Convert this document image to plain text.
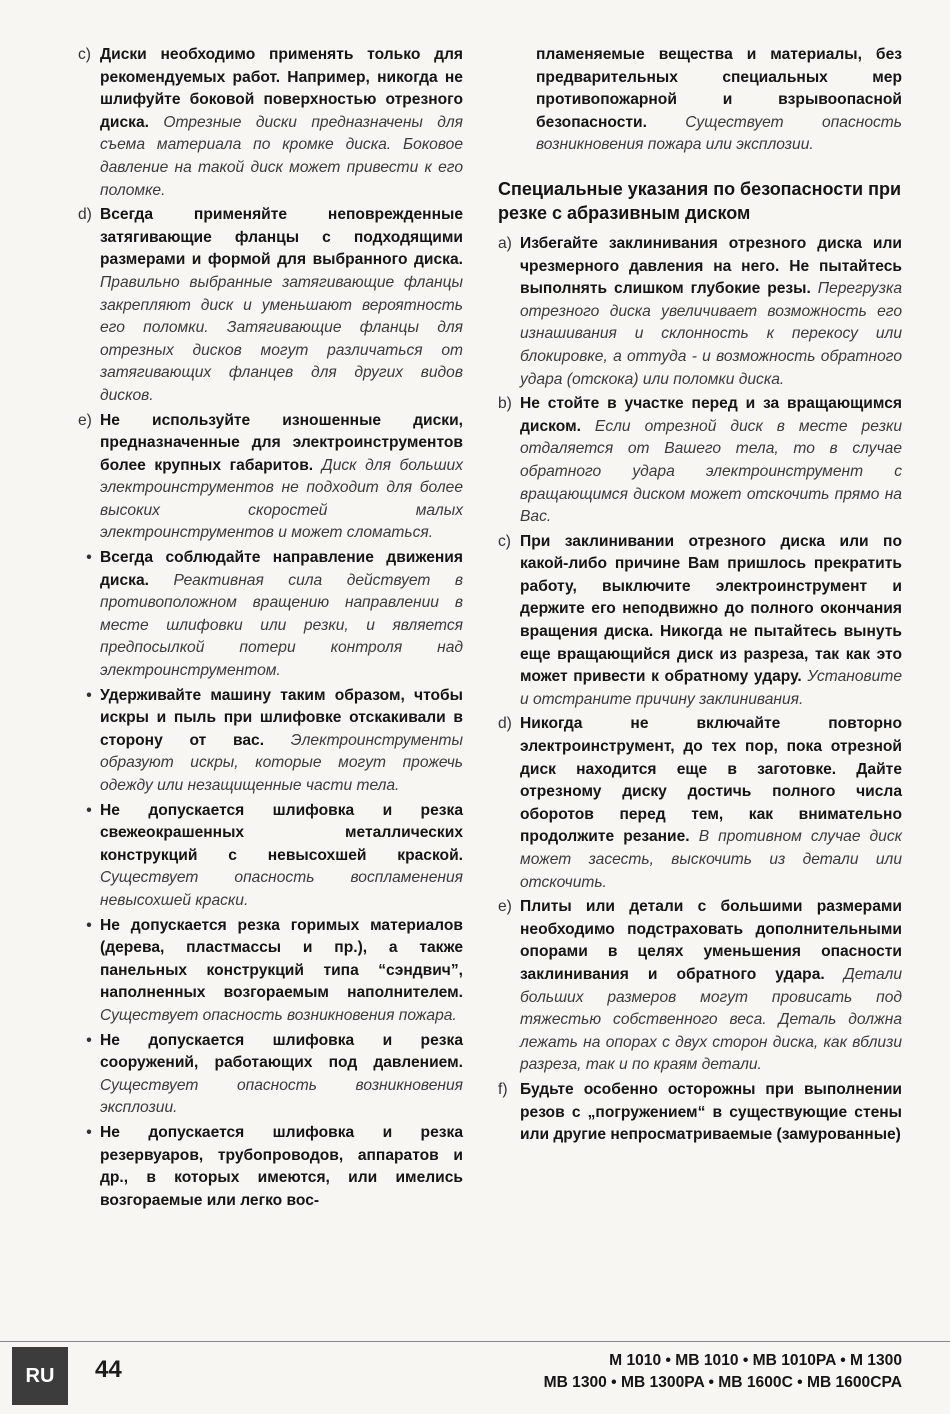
c) Диски необходимо применять только для рекомендуемых работ. Например, никогда не шлифуйте боковой поверхностью отрезного диска. Отрезные диски предназначены для съема материала по кромке диска. Боковое давление на такой диск может привести к его поломке.
d) Всегда применяйте неповрежденные затягивающие фланцы с подходящими размерами и формой для выбранного диска. Правильно выбранные затягивающие фланцы закрепляют диск и уменьшают вероятность его поломки. Затягивающие фланцы для отрезных дисков могут различаться от затягивающих фланцев для других видов дисков.
e) Не используйте изношенные диски, предназначенные для электроинструментов более крупных габаритов. Диск для больших электроинструментов не подходит для более высоких скоростей малых электроинструментов и может сломаться.
• Всегда соблюдайте направление движения диска. Реактивная сила действует в противоположном вращению направлении в месте шлифовки или резки, и является предпосылкой потери контроля над электроинструментом.
• Удерживайте машину таким образом, чтобы искры и пыль при шлифовке отскакивали в сторону от вас. Электроинструменты образуют искры, которые могут прожечь одежду или незащищенные части тела.
• Не допускается шлифовка и резка свежеокрашенных металлических конструкций с невысохшей краской. Существует опасность воспламенения невысохшей краски.
• Не допускается резка горимых материалов (дерева, пластмассы и пр.), а также панельных конструкций типа “сэндвич”, наполненных возгораемым наполнителем. Существует опасность возникновения пожара.
• Не допускается шлифовка и резка сооружений, работающих под давлением. Существует опасность возникновения эксплозии.
• Не допускается шлифовка и резка резервуаров, трубопроводов, аппаратов и др., в которых имеются, или имелись возгораемые или легко вос-
пламеняемые вещества и материалы, без предварительных специальных мер противопожарной и взрывоопасной безопасности. Существует опасность возникновения пожара или эксплозии.
Специальные указания по безопасности при резке с абразивным диском
a) Избегайте заклинивания отрезного диска или чрезмерного давления на него. Не пытайтесь выполнять слишком глубокие резы. Перегрузка отрезного диска увеличивает возможность его изнашивания и склонность к перекосу или блокировке, а оттуда - и возможность обратного удара (отскока) или поломки диска.
b) Не стойте в участке перед и за вращающимся диском. Если отрезной диск в месте резки отдаляется от Вашего тела, то в случае обратного удара электроинструмент с вращающимся диском может отскочить прямо на Вас.
c) При заклинивании отрезного диска или по какой-либо причине Вам пришлось прекратить работу, выключите электроинструмент и держите его неподвижно до полного окончания вращения диска. Никогда не пытайтесь вынуть еще вращающийся диск из разреза, так как это может привести к обратному удару. Установите и отстраните причину заклинивания.
d) Никогда не включайте повторно электроинструмент, до тех пор, пока отрезной диск находится еще в заготовке. Дайте отрезному диску достичь полного числа оборотов перед тем, как внимательно продолжите резание. В противном случае диск может засесть, выскочить из детали или отскочить.
e) Плиты или детали с большими размерами необходимо подстраховать дополнительными опорами в целях уменьшения опасности заклинивания и обратного удара. Детали больших размеров могут провисать под тяжестью собственного веса. Деталь должна лежать на опорах с двух сторон диска, как вблизи разреза, так и по краям детали.
f) Будьте особенно осторожны при выполнении резов с „погружением“ в существующие стены или другие непросматриваемые (замурованные)
RU	44	M 1010 • MB 1010 • MB 1010PA • M 1300
MB 1300 • MB 1300PA • MB 1600C • MB 1600CPA
